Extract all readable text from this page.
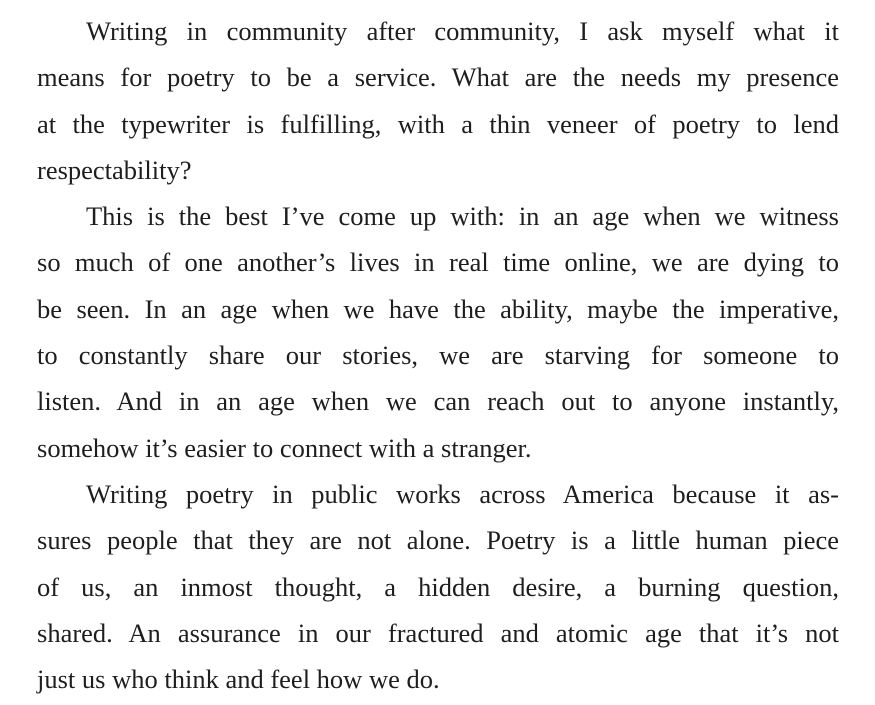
Writing in community after community, I ask myself what it
means for poetry to be a service. What are the needs my presence
at the typewriter is fulfilling, with a thin veneer of poetry to lend
respectability?
This is the best I’ve come up with: in an age when we witness
so much of one another’s lives in real time online, we are dying to
be seen. In an age when we have the ability, maybe the imperative,
to constantly share our stories, we are starving for someone to
listen. And in an age when we can reach out to anyone instantly,
somehow it’s easier to connect with a stranger.
Writing poetry in public works across America because it as-
sures people that they are not alone. Poetry is a little human piece
of us, an inmost thought, a hidden desire, a burning question,
shared. An assurance in our fractured and atomic age that it’s not
just us who think and feel how we do.
